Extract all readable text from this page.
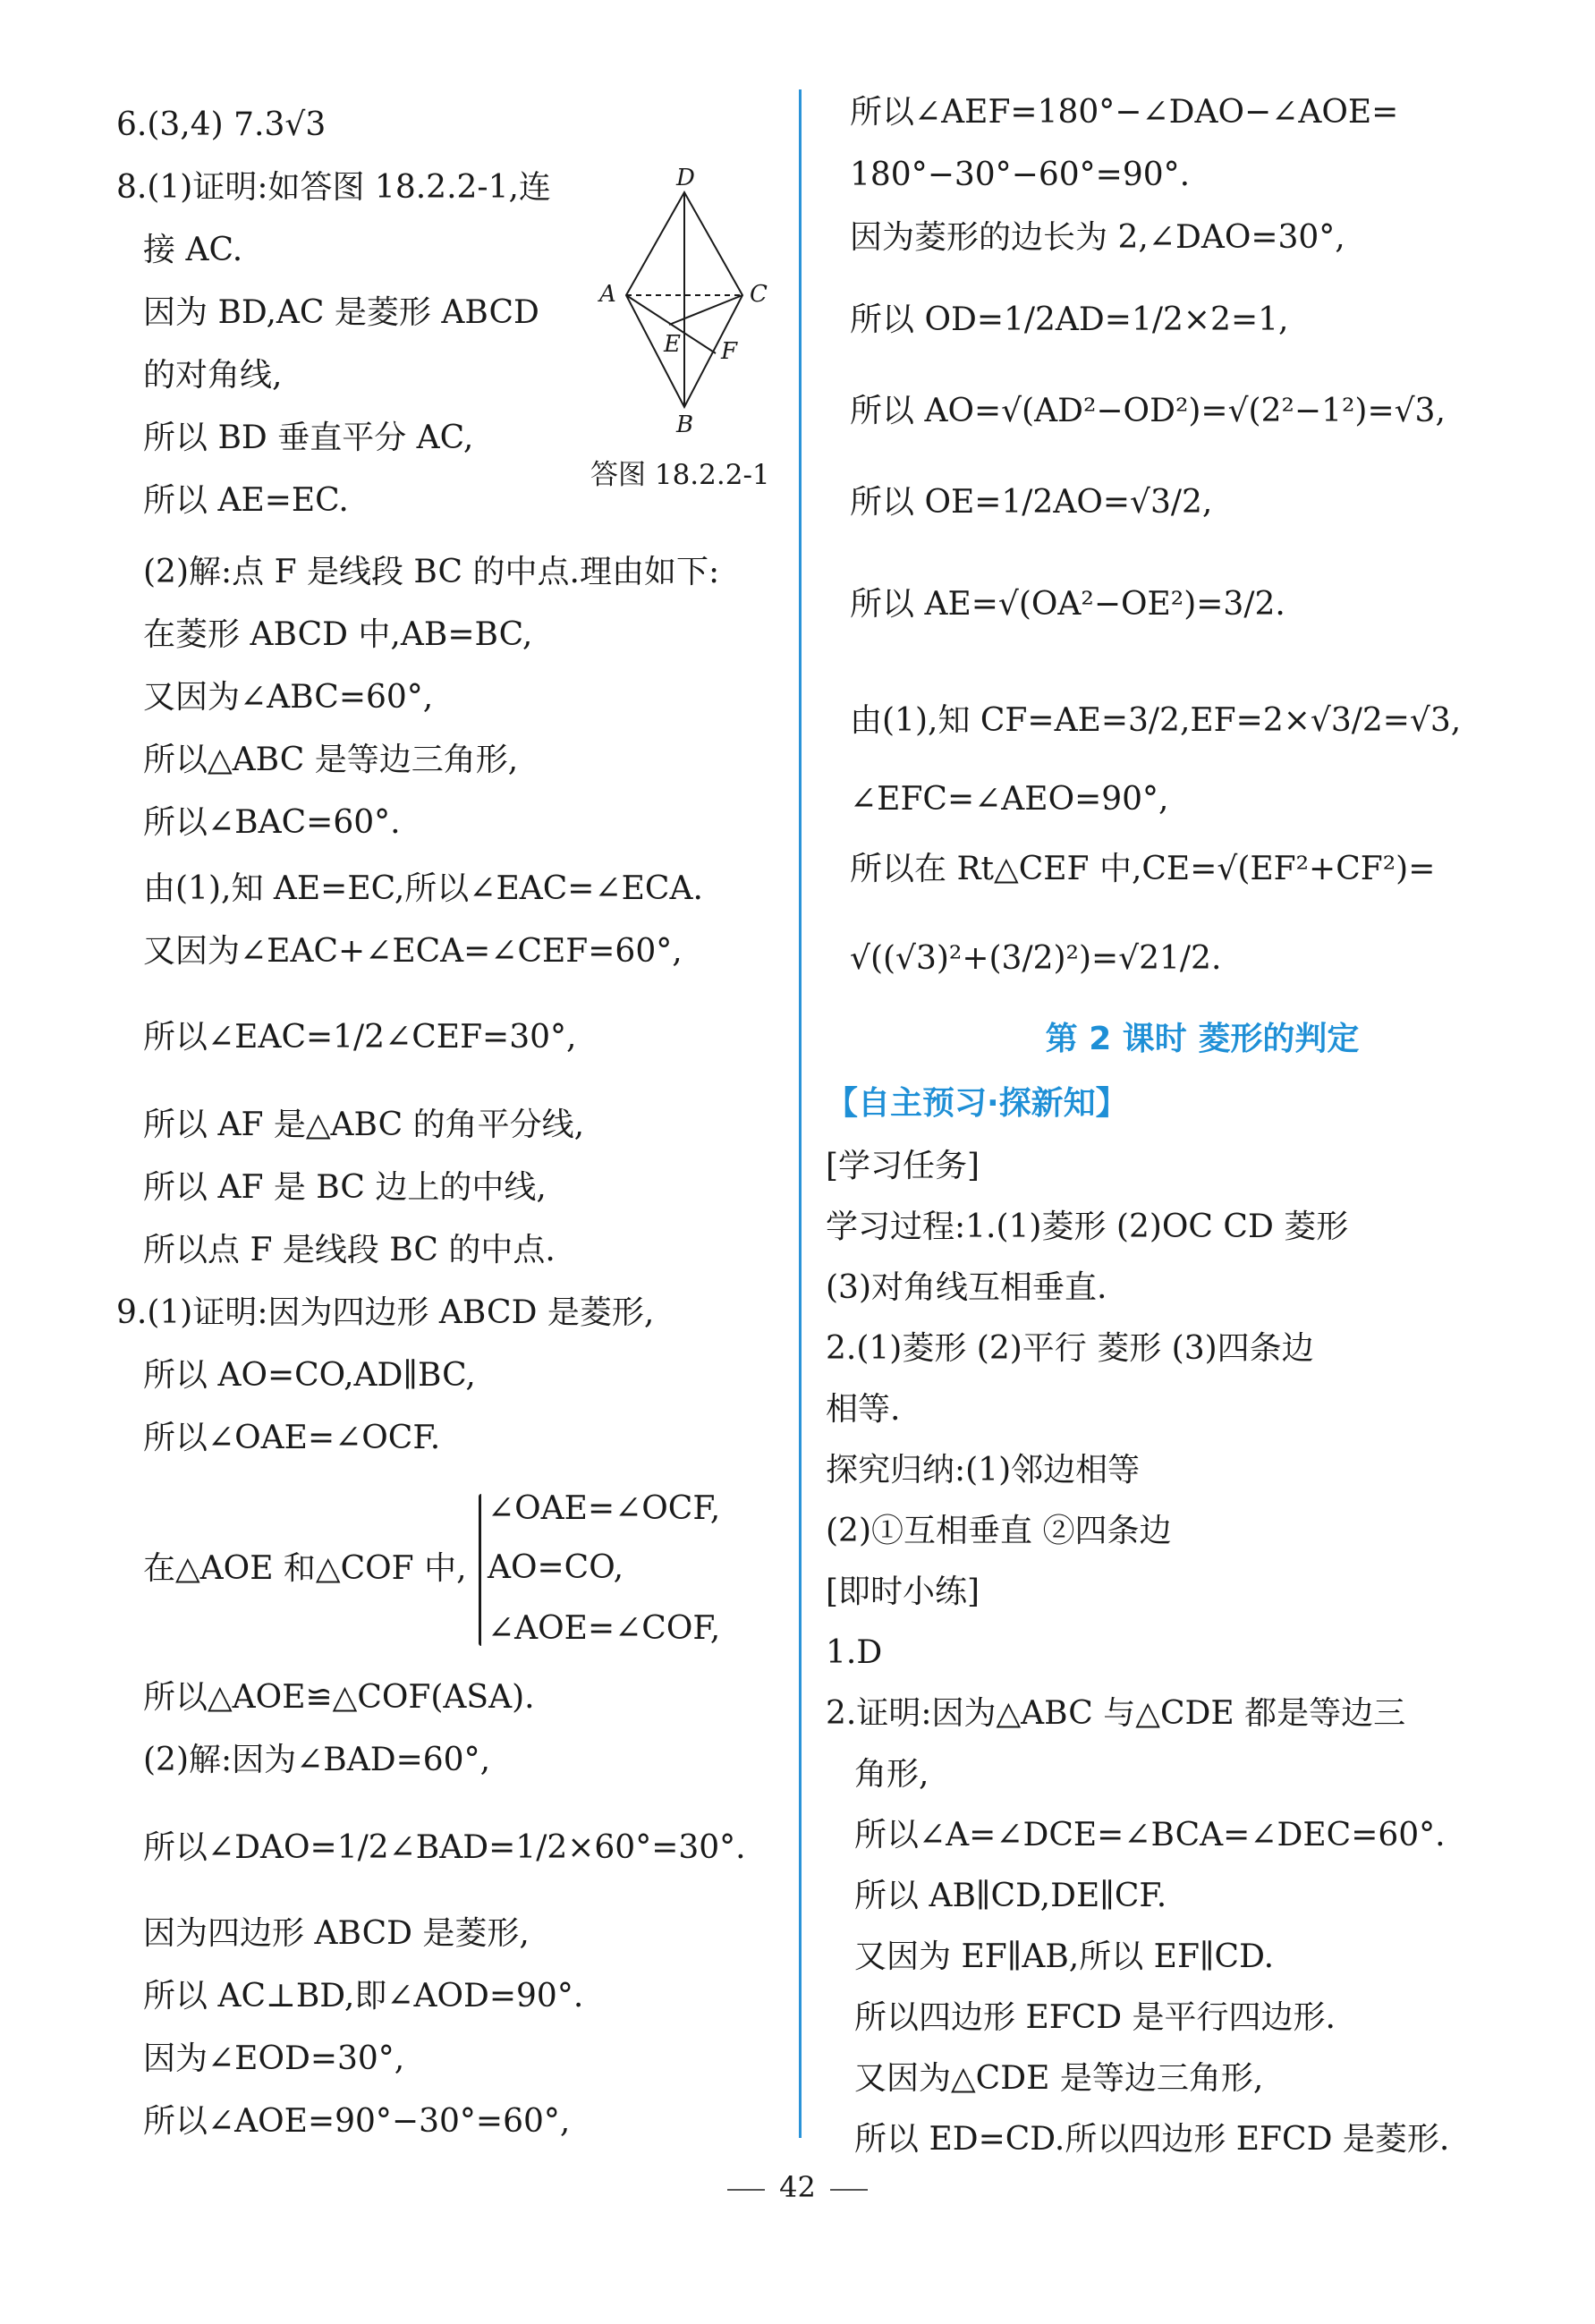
6.(3,4) 7.3√3
8.(1)证明:如答图 18.2.2-1,连
接 AC.
因为 BD,AC 是菱形 ABCD
的对角线,
所以 BD 垂直平分 AC,
所以 AE=EC.
(2)解:点 F 是线段 BC 的中点.理由如下:
在菱形 ABCD 中,AB=BC,
又因为∠ABC=60°,
所以△ABC 是等边三角形,
所以∠BAC=60°.
由(1),知 AE=EC,所以∠EAC=∠ECA.
又因为∠EAC+∠ECA=∠CEF=60°,
所以∠EAC=1/2∠CEF=30°,
所以 AF 是△ABC 的角平分线,
所以 AF 是 BC 边上的中线,
所以点 F 是线段 BC 的中点.
9.(1)证明:因为四边形 ABCD 是菱形,
所以 AO=CO,AD∥BC,
所以∠OAE=∠OCF.
在△AOE 和△COF 中,
∠OAE=∠OCF,
AO=CO,
∠AOE=∠COF,
所以△AOE≌△COF(ASA).
(2)解:因为∠BAD=60°,
所以∠DAO=1/2∠BAD=1/2×60°=30°.
因为四边形 ABCD 是菱形,
所以 AC⊥BD,即∠AOD=90°.
因为∠EOD=30°,
所以∠AOE=90°−30°=60°,
D
A	C
E F
B
答图 18.2.2-1
所以∠AEF=180°−∠DAO−∠AOE=
180°−30°−60°=90°.
因为菱形的边长为 2,∠DAO=30°,
所以 OD=1/2AD=1/2×2=1,
所以 AO=√(AD²−OD²)=√(2²−1²)=√3,
所以 OE=1/2AO=√3/2,
所以 AE=√(OA²−OE²)=3/2.
由(1),知 CF=AE=3/2,EF=2×√3/2=√3,
∠EFC=∠AEO=90°,
所以在 Rt△CEF 中,CE=√(EF²+CF²)=
√((√3)²+(3/2)²)=√21/2.
第 2 课时 菱形的判定
【自主预习·探新知】
[学习任务]
学习过程:1.(1)菱形 (2)OC CD 菱形
(3)对角线互相垂直.
2.(1)菱形 (2)平行 菱形 (3)四条边
相等.
探究归纳:(1)邻边相等
(2)①互相垂直 ②四条边
[即时小练]
1.D
2.证明:因为△ABC 与△CDE 都是等边三
角形,
所以∠A=∠DCE=∠BCA=∠DEC=60°.
所以 AB∥CD,DE∥CF.
又因为 EF∥AB,所以 EF∥CD.
所以四边形 EFCD 是平行四边形.
又因为△CDE 是等边三角形,
所以 ED=CD.所以四边形 EFCD 是菱形.
42
